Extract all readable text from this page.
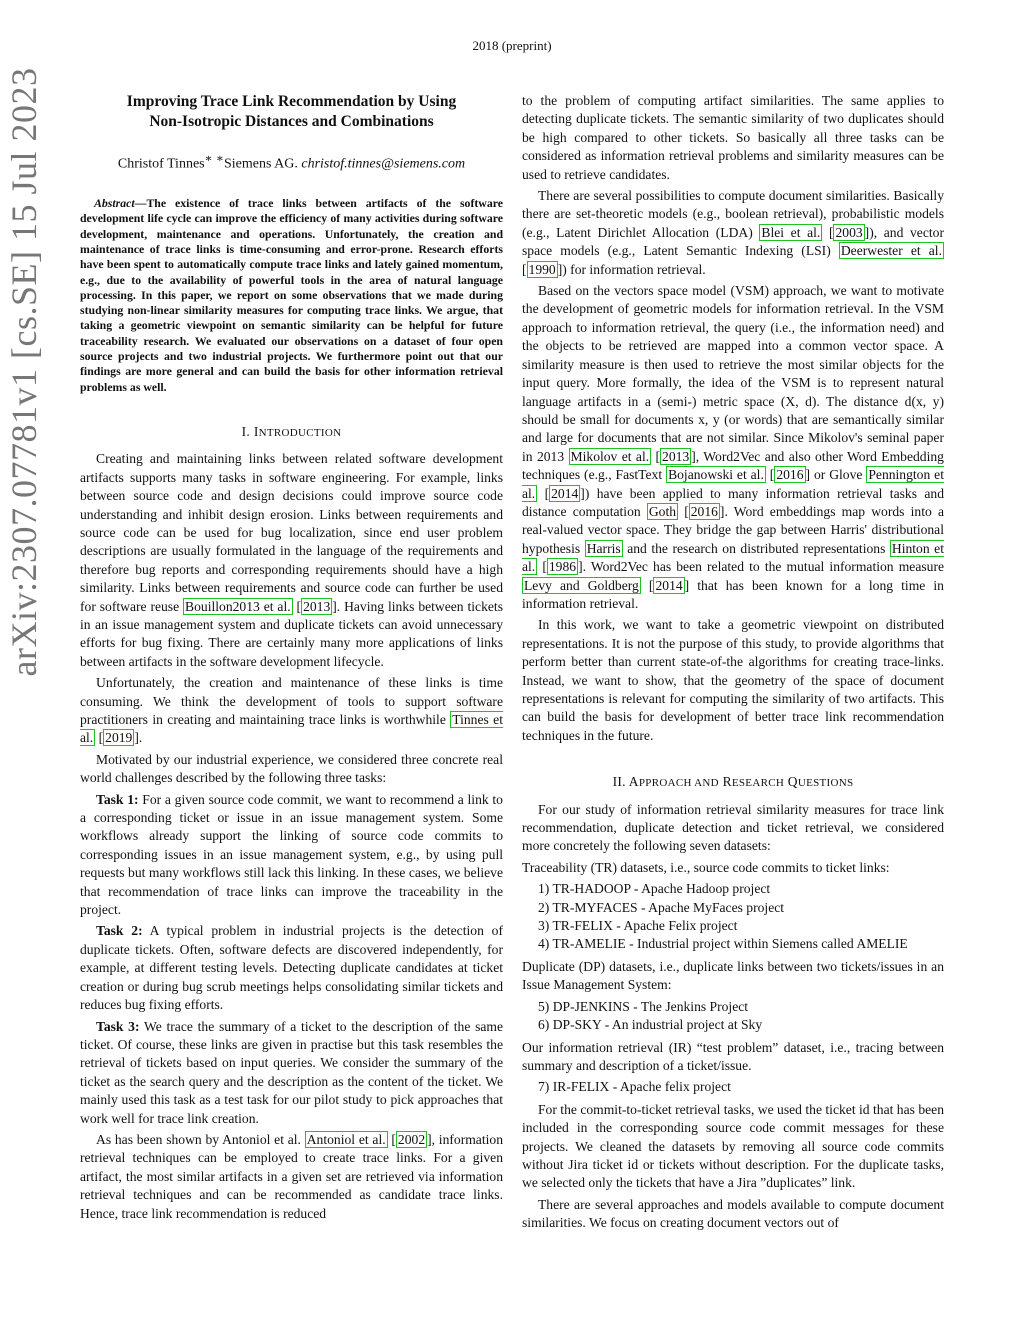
2018 (preprint)
arXiv:2307.07781v1 [cs.SE] 15 Jul 2023	Improving Trace Link Recommendation by Using
Non-Isotropic Distances and Combinations
Christof Tinnes∗ ∗Siemens AG. christof.tinnes@siemens.com
Abstract—The existence of trace links between artifacts of the software development life cycle can improve the efficiency of many activities during software development, maintenance and operations. Unfortunately, the creation and maintenance of trace links is time-consuming and error-prone. Research efforts have been spent to automatically compute trace links and lately gained momentum, e.g., due to the availability of powerful tools in the area of natural language processing. In this paper, we report on some observations that we made during studying non-linear similarity measures for computing trace links. We argue, that taking a geometric viewpoint on semantic similarity can be helpful for future traceability research. We evaluated our observations on a dataset of four open source projects and two industrial projects. We furthermore point out that our findings are more general and can build the basis for other information retrieval problems as well.
I. INTRODUCTION

Creating and maintaining links between related software development artifacts supports many tasks in software engineering. For example, links between source code and design decisions could improve source code understanding and inhibit design erosion. Links between requirements and source code can be used for bug localization, since end user problem descriptions are usually formulated in the language of the requirements and therefore bug reports and corresponding requirements should have a high similarity. Links between requirements and source code can further be used for software reuse Bouillon2013 et al. [ 2013 ]. Having links between tickets in an issue management system and duplicate tickets can avoid unnecessary efforts for bug fixing. There are certainly many more applications of links between artifacts in the software development lifecycle.

Unfortunately, the creation and maintenance of these links is time consuming. We think the development of tools to support software practitioners in creating and maintaining trace links is worthwhile Tinnes et al. [ 2019 ].

Motivated by our industrial experience, we considered three concrete real world challenges described by the following three tasks:

Task 1: For a given source code commit, we want to recommend a link to a corresponding ticket or issue in an issue management system. Some workflows already support the linking of source code commits to corresponding issues in an issue management system, e.g., by using pull requests but many workflows still lack this linking. In these cases, we believe that recommendation of trace links can improve the traceability in the project.

Task 2: A typical problem in industrial projects is the detection of duplicate tickets. Often, software defects are discovered independently, for example, at different testing levels. Detecting duplicate candidates at ticket creation or during bug scrub meetings helps consolidating similar tickets and reduces bug fixing efforts.

Task 3: We trace the summary of a ticket to the description of the same ticket. Of course, these links are given in practise but this task resembles the retrieval of tickets based on input queries. We consider the summary of the ticket as the search query and the description as the content of the ticket. We mainly used this task as a test task for our pilot study to pick approaches that work well for trace link creation.

As has been shown by Antoniol et al. Antoniol et al. [ 2002 ], information retrieval techniques can be employed to create trace links. For a given artifact, the most similar artifacts in a given set are retrieved via information retrieval techniques and can be recommended as candidate trace links. Hence, trace link recommendation is reduced

to the problem of computing artifact similarities. The same applies to detecting duplicate tickets. The semantic similarity of two duplicates should be high compared to other tickets. So basically all three tasks can be considered as information retrieval problems and similarity measures can be used to retrieve candidates.

There are several possibilities to compute document similarities. Basically there are set-theoretic models (e.g., boolean retrieval), probabilistic models (e.g., Latent Dirichlet Allocation (LDA) Blei et al. [ 2003 ]), and vector space models (e.g., Latent Semantic Indexing (LSI) Deerwester et al. [ 1990 ]) for information retrieval.

Based on the vectors space model (VSM) approach, we want to motivate the development of geometric models for information retrieval. In the VSM approach to information retrieval, the query (i.e., the information need) and the objects to be retrieved are mapped into a common vector space. A similarity measure is then used to retrieve the most similar objects for the input query. More formally, the idea of the VSM is to represent natural language artifacts in a (semi-) metric space (X, d). The distance d(x, y) should be small for documents x, y (or words) that are semantically similar and large for documents that are not similar. Since Mikolov's seminal paper in 2013 Mikolov et al. [ 2013 ], Word2Vec and also other Word Embedding techniques (e.g., FastText Bojanowski et al. [ 2016 ] or Glove Pennington et al. [ 2014 ]) have been applied to many information retrieval tasks and distance computation Goth [ 2016 ]. Word embeddings map words into a real-valued vector space. They bridge the gap between Harris' distributional hypothesis Harris and the research on distributed representations Hinton et al. [ 1986 ]. Word2Vec has been related to the mutual information measure Levy and Goldberg [ 2014 ] that has been known for a long time in information retrieval.

In this work, we want to take a geometric viewpoint on distributed representations. It is not the purpose of this study, to provide algorithms that perform better than current state-of-the algorithms for creating trace-links. Instead, we want to show, that the geometry of the space of document representations is relevant for computing the similarity of two artifacts. This can build the basis for development of better trace link recommendation techniques in the future.

II. APPROACH AND RESEARCH QUESTIONS

For our study of information retrieval similarity measures for trace link recommendation, duplicate detection and ticket retrieval, we considered more concretely the following seven datasets:

Traceability (TR) datasets, i.e., source code commits to ticket links:

1) TR-HADOOP - Apache Hadoop project
2) TR-MYFACES - Apache MyFaces project
3) TR-FELIX - Apache Felix project
4) TR-AMELIE - Industrial project within Siemens called AMELIE

Duplicate (DP) datasets, i.e., duplicate links between two tickets/issues in an Issue Management System:

5) DP-JENKINS - The Jenkins Project
6) DP-SKY - An industrial project at Sky

Our information retrieval (IR) “test problem” dataset, i.e., tracing between summary and description of a ticket/issue.

7) IR-FELIX - Apache felix project

For the commit-to-ticket retrieval tasks, we used the ticket id that has been included in the corresponding source code commit messages for these projects. We cleaned the datasets by removing all source code commits without Jira ticket id or tickets without description. For the duplicate tasks, we selected only the tickets that have a Jira ”duplicates” link.

There are several approaches and models available to compute document similarities. We focus on creating document vectors out of
